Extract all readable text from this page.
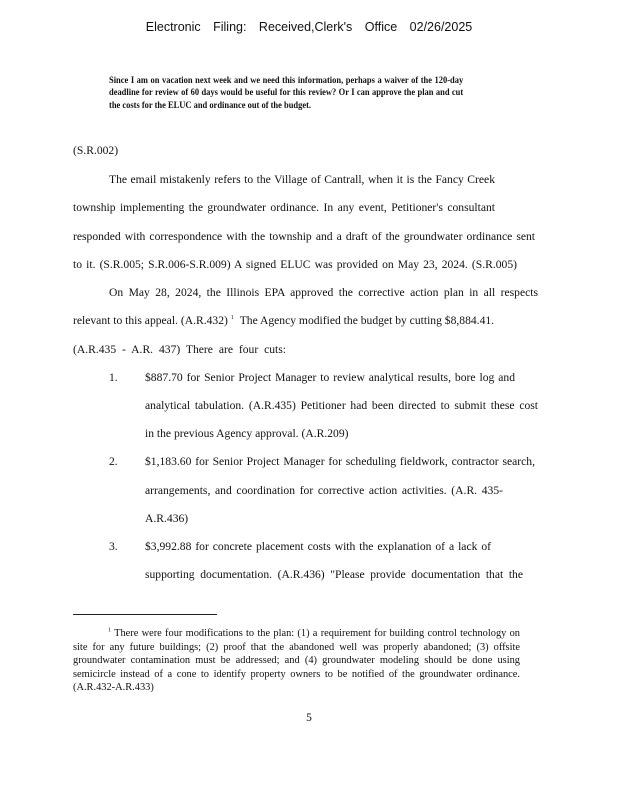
Electronic Filing: Received,Clerk's Office 02/26/2025
Since I am on vacation next week and we need this information, perhaps a waiver of the 120-day deadline for review of 60 days would be useful for this review? Or I can approve the plan and cut the costs for the ELUC and ordinance out of the budget.
(S.R.002)
The email mistakenly refers to the Village of Cantrall, when it is the Fancy Creek
township implementing the groundwater ordinance. In any event, Petitioner's consultant
responded with correspondence with the township and a draft of the groundwater ordinance sent
to it. (S.R.005; S.R.006-S.R.009) A signed ELUC was provided on May 23, 2024. (S.R.005)
On May 28, 2024, the Illinois EPA approved the corrective action plan in all respects
relevant to this appeal. (A.R.432) $^1$ The Agency modified the budget by cutting $8,884.41.
(A.R.435 - A.R. 437) There are four cuts:
1. $887.70 for Senior Project Manager to review analytical results, bore log and
analytical tabulation. (A.R.435) Petitioner had been directed to submit these cost
in the previous Agency approval. (A.R.209)
2. $1,183.60 for Senior Project Manager for scheduling fieldwork, contractor search,
arrangements, and coordination for corrective action activities. (A.R. 435-
A.R.436)
3. $3,992.88 for concrete placement costs with the explanation of a lack of
supporting documentation. (A.R.436) "Please provide documentation that the
$^1$ There were four modifications to the plan: (1) a requirement for building control technology on site for any future buildings; (2) proof that the abandoned well was properly abandoned; (3) offsite groundwater contamination must be addressed; and (4) groundwater modeling should be done using semicircle instead of a cone to identify property owners to be notified of the groundwater ordinance. (A.R.432-A.R.433)
5
